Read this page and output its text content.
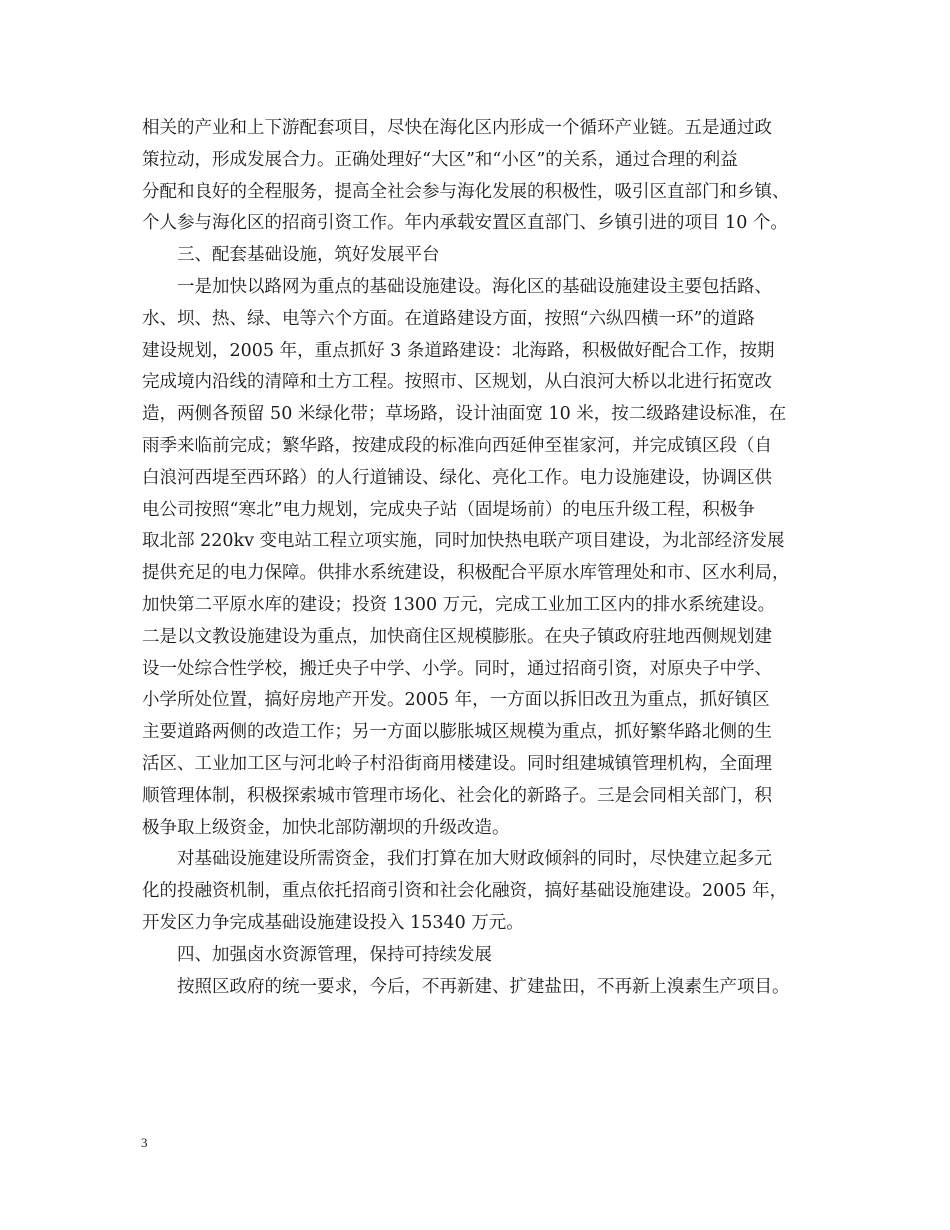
相关的产业和上下游配套项目，尽快在海化区内形成一个循环产业链。五是通过政
策拉动，形成发展合力。正确处理好“大区”和“小区”的关系，通过合理的利益
分配和良好的全程服务，提高全社会参与海化发展的积极性，吸引区直部门和乡镇、
个人参与海化区的招商引资工作。年内承载安置区直部门、乡镇引进的项目 10 个。
三、配套基础设施，筑好发展平台
一是加快以路网为重点的基础设施建设。海化区的基础设施建设主要包括路、
水、坝、热、绿、电等六个方面。在道路建设方面，按照“六纵四横一环”的道路
建设规划，2005 年，重点抓好 3 条道路建设：北海路，积极做好配合工作，按期
完成境内沿线的清障和土方工程。按照市、区规划，从白浪河大桥以北进行拓宽改
造，两侧各预留 50 米绿化带；草场路，设计油面宽 10 米，按二级路建设标准，在
雨季来临前完成；繁华路，按建成段的标准向西延伸至崔家河，并完成镇区段（自
白浪河西堤至西环路）的人行道铺设、绿化、亮化工作。电力设施建设，协调区供
电公司按照“寒北”电力规划，完成央子站（固堤场前）的电压升级工程，积极争
取北部 220kv 变电站工程立项实施，同时加快热电联产项目建设，为北部经济发展
提供充足的电力保障。供排水系统建设，积极配合平原水库管理处和市、区水利局，
加快第二平原水库的建设；投资 1300 万元，完成工业加工区内的排水系统建设。
二是以文教设施建设为重点，加快商住区规模膨胀。在央子镇政府驻地西侧规划建
设一处综合性学校，搬迁央子中学、小学。同时，通过招商引资，对原央子中学、
小学所处位置，搞好房地产开发。2005 年，一方面以拆旧改丑为重点，抓好镇区
主要道路两侧的改造工作；另一方面以膨胀城区规模为重点，抓好繁华路北侧的生
活区、工业加工区与河北岭子村沿街商用楼建设。同时组建城镇管理机构，全面理
顺管理体制，积极探索城市管理市场化、社会化的新路子。三是会同相关部门，积
极争取上级资金，加快北部防潮坝的升级改造。
对基础设施建设所需资金，我们打算在加大财政倾斜的同时，尽快建立起多元
化的投融资机制，重点依托招商引资和社会化融资，搞好基础设施建设。2005 年，
开发区力争完成基础设施建设投入 15340 万元。
四、加强卤水资源管理，保持可持续发展
按照区政府的统一要求，今后，不再新建、扩建盐田，不再新上溴素生产项目。
3
